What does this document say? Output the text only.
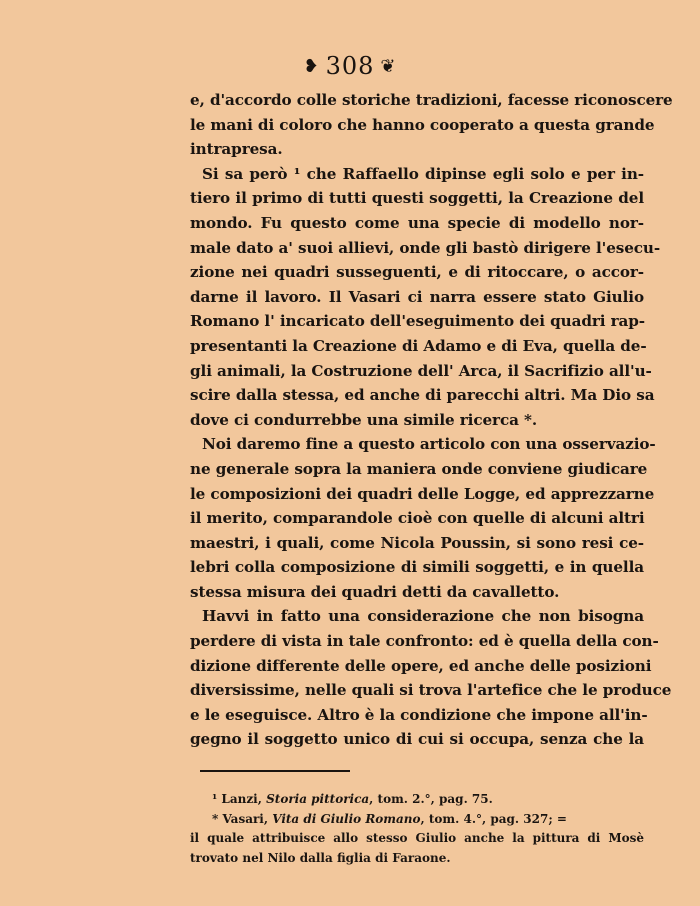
❥ 308 ❦
e, d'accordo colle storiche tradizioni, facesse riconoscere
le mani di coloro che hanno cooperato a questa grande
intrapresa.
Si sa però ¹ che Raffaello dipinse egli solo e per in-
tiero il primo di tutti questi soggetti, la Creazione del
mondo. Fu questo come una specie di modello nor-
male dato a' suoi allievi, onde gli bastò dirigere l'esecu-
zione nei quadri susseguenti, e di ritoccare, o accor-
darne il lavoro. Il Vasari ci narra essere stato Giulio
Romano l' incaricato dell'eseguimento dei quadri rap-
presentanti la Creazione di Adamo e di Eva, quella de-
gli animali, la Costruzione dell' Arca, il Sacrifizio all'u-
scire dalla stessa, ed anche di parecchi altri. Ma Dio sa
dove ci condurrebbe una simile ricerca *.
Noi daremo fine a questo articolo con una osservazio-
ne generale sopra la maniera onde conviene giudicare
le composizioni dei quadri delle Logge, ed apprezzarne
il merito, comparandole cioè con quelle di alcuni altri
maestri, i quali, come Nicola Poussin, si sono resi ce-
lebri colla composizione di simili soggetti, e in quella
stessa misura dei quadri detti da cavalletto.
Havvi in fatto una considerazione che non bisogna
perdere di vista in tale confronto: ed è quella della con-
dizione differente delle opere, ed anche delle posizioni
diversissime, nelle quali si trova l'artefice che le produce
e le eseguisce. Altro è la condizione che impone all'in-
gegno il soggetto unico di cui si occupa, senza che la
¹ Lanzi, Storia pittorica, tom. 2.°, pag. 75.
* Vasari, Vita di Giulio Romano, tom. 4.°, pag. 327; =
il quale attribuisce allo stesso Giulio anche la pittura di Mosè
trovato nel Nilo dalla figlia di Faraone.
